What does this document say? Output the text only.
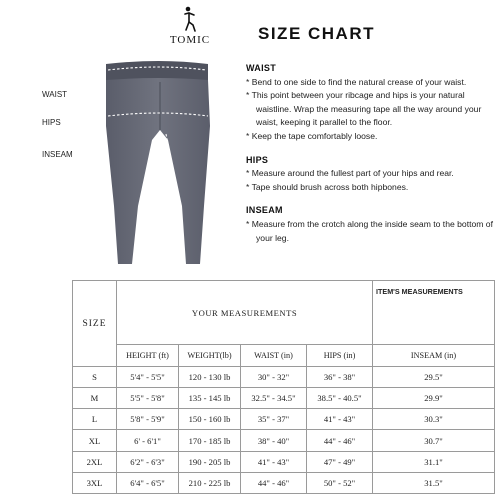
TOMIC	SIZE CHART
WAIST
HIPS
INSEAM
WAIST
* Bend to one side to find the natural crease of your waist.
* This point between your ribcage and hips is your natural waistline. Wrap the measuring tape all the way around your waist, keeping it parallel to the floor.
* Keep the tape comfortably loose.
HIPS
* Measure around the fullest part of your hips and rear.
* Tape should brush across both hipbones.
INSEAM
* Measure from the crotch along the inside seam to the bottom of your leg.
SIZE	YOUR MEASUREMENTS				ITEM'S MEASUREMENTS
	HEIGHT (ft)	WEIGHT(lb)	WAIST (in)	HIPS (in)	INSEAM (in)
S	5'4" - 5'5"	120 - 130 lb	30" - 32"	36" - 38"	29.5"
M	5'5" - 5'8"	135 - 145 lb	32.5" - 34.5"	38.5" - 40.5"	29.9"
L	5'8" - 5'9"	150 - 160 lb	35" - 37"	41" - 43"	30.3"
XL	6' - 6'1"	170 - 185 lb	38" - 40"	44" - 46"	30.7"
2XL	6'2" - 6'3"	190 - 205 lb	41" - 43"	47" - 49"	31.1"
3XL	6'4" - 6'5"	210 - 225 lb	44" - 46"	50" - 52"	31.5"
